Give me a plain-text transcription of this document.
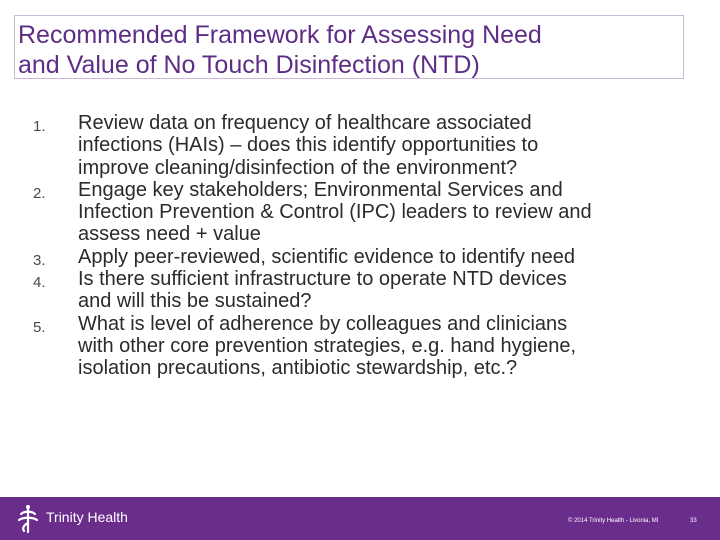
Recommended Framework for Assessing Need
and Value of No Touch Disinfection (NTD)
1. Review data on frequency of healthcare associated
infections (HAIs) – does this identify opportunities to
improve cleaning/disinfection of the environment?
2. Engage key stakeholders; Environmental Services and
Infection Prevention & Control (IPC) leaders to review and
assess need + value
3. Apply peer-reviewed, scientific evidence to identify need
4. Is there sufficient infrastructure to operate NTD devices
and will this be sustained?
5. What is level of adherence by colleagues and clinicians
with other core prevention strategies, e.g. hand hygiene,
isolation precautions, antibiotic stewardship, etc.?
Trinity Health	© 2014 Trinity Health - Livonia, MI	33
